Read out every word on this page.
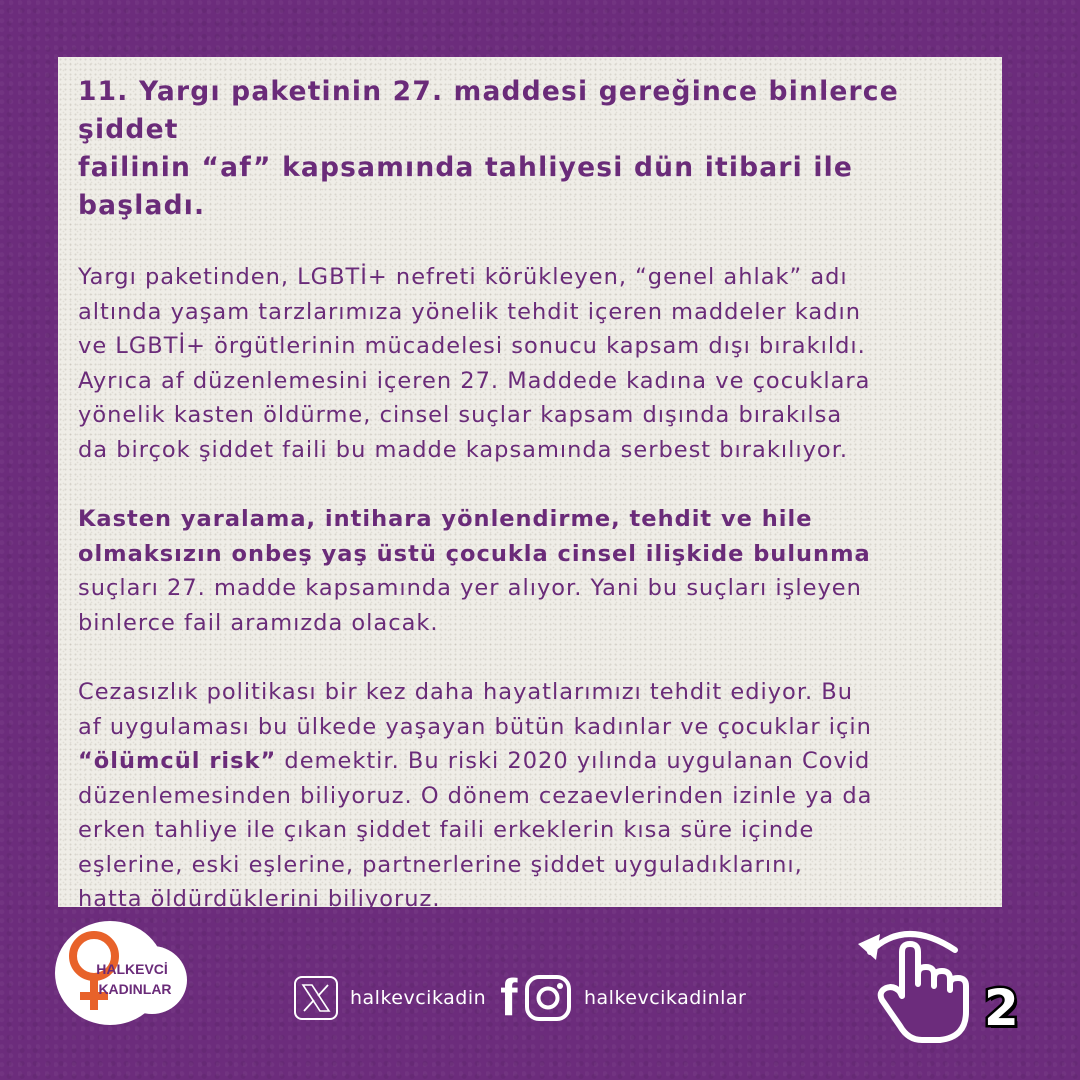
11. Yargı paketinin 27. maddesi gereğince binlerce şiddet
failinin “af” kapsamında tahliyesi dün itibari ile başladı.

Yargı paketinden, LGBTİ+ nefreti körükleyen, “genel ahlak” adı

altında yaşam tarzlarımıza yönelik tehdit içeren maddeler kadın

ve LGBTİ+ örgütlerinin mücadelesi sonucu kapsam dışı bırakıldı.

Ayrıca af düzenlemesini içeren 27. Maddede kadına ve çocuklara

yönelik kasten öldürme, cinsel suçlar kapsam dışında bırakılsa

da birçok şiddet faili bu madde kapsamında serbest bırakılıyor.

Kasten yaralama, intihara yönlendirme, tehdit ve hile

olmaksızın onbeş yaş üstü çocukla cinsel ilişkide bulunma

suçları 27. madde kapsamında yer alıyor. Yani bu suçları işleyen

binlerce fail aramızda olacak.

Cezasızlık politikası bir kez daha hayatlarımızı tehdit ediyor. Bu

af uygulaması bu ülkede yaşayan bütün kadınlar ve çocuklar için

“ölümcül risk” demektir. Bu riski 2020 yılında uygulanan Covid

düzenlemesinden biliyoruz. O dönem cezaevlerinden izinle ya da

erken tahliye ile çıkan şiddet faili erkeklerin kısa süre içinde

eşlerine, eski eşlerine, partnerlerine şiddet uyguladıklarını,

hatta öldürdüklerini biliyoruz.

HALKEVCİ
KADINLAR	halkevcikadin f	halkevcikadinlar	2
